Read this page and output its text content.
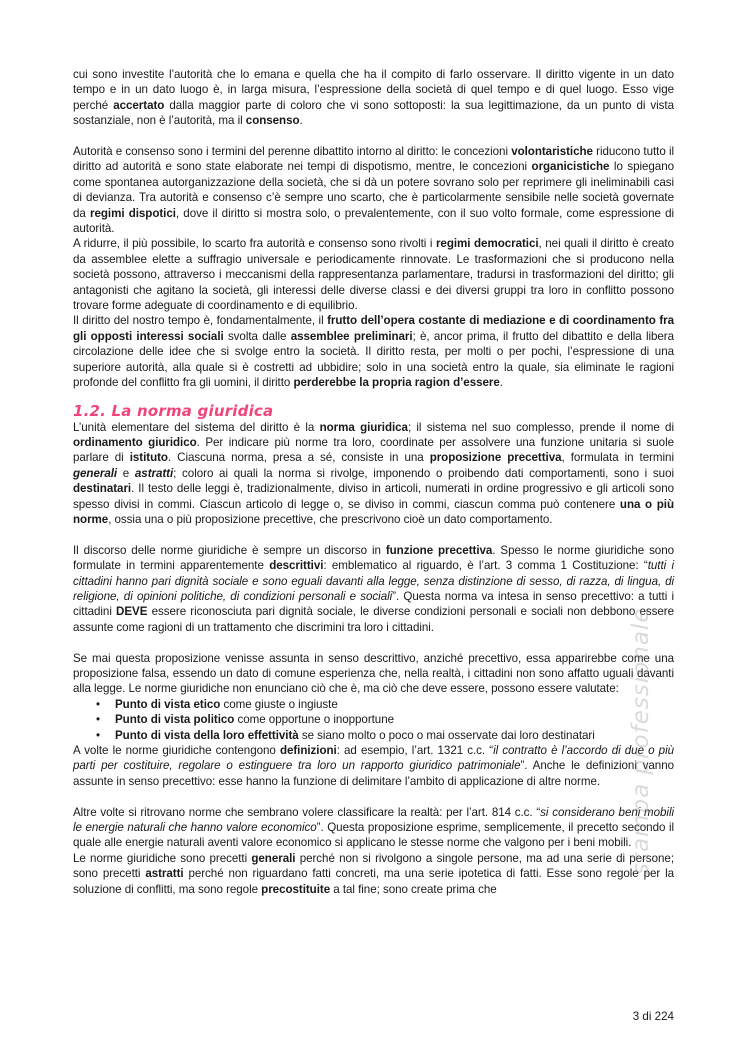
cui sono investite l’autorità che lo emana e quella che ha il compito di farlo osservare. Il diritto vigente in un dato tempo e in un dato luogo è, in larga misura, l’espressione della società di quel tempo e di quel luogo. Esso vige perché accertato dalla maggior parte di coloro che vi sono sottoposti: la sua legittimazione, da un punto di vista sostanziale, non è l’autorità, ma il consenso.

Autorità e consenso sono i termini del perenne dibattito intorno al diritto: le concezioni volontaristiche riducono tutto il diritto ad autorità e sono state elaborate nei tempi di dispotismo, mentre, le concezioni organicistiche lo spiegano come spontanea autorganizzazione della società, che si dà un potere sovrano solo per reprimere gli ineliminabili casi di devianza. Tra autorità e consenso c’è sempre uno scarto, che è particolarmente sensibile nelle società governate da regimi dispotici, dove il diritto si mostra solo, o prevalentemente, con il suo volto formale, come espressione di autorità.

A ridurre, il più possibile, lo scarto fra autorità e consenso sono rivolti i regimi democratici, nei quali il diritto è creato da assemblee elette a suffragio universale e periodicamente rinnovate. Le trasformazioni che si producono nella società possono, attraverso i meccanismi della rappresentanza parlamentare, tradursi in trasformazioni del diritto; gli antagonisti che agitano la società, gli interessi delle diverse classi e dei diversi gruppi tra loro in conflitto possono trovare forme adeguate di coordinamento e di equilibrio.

Il diritto del nostro tempo è, fondamentalmente, il frutto dell’opera costante di mediazione e di coordinamento fra gli opposti interessi sociali svolta dalle assemblee preliminari; è, ancor prima, il frutto del dibattito e della libera circolazione delle idee che si svolge entro la società. Il diritto resta, per molti o per pochi, l’espressione di una superiore autorità, alla quale si è costretti ad ubbidire; solo in una società entro la quale, sia eliminate le ragioni profonde del conflitto fra gli uomini, il diritto perderebbe la propria ragion d’essere.

1.2. La norma giuridica

L’unità elementare del sistema del diritto è la norma giuridica; il sistema nel suo complesso, prende il nome di ordinamento giuridico. Per indicare più norme tra loro, coordinate per assolvere una funzione unitaria si suole parlare di istituto. Ciascuna norma, presa a sé, consiste in una proposizione precettiva, formulata in termini generali e astratti; coloro ai quali la norma si rivolge, imponendo o proibendo dati comportamenti, sono i suoi destinatari. Il testo delle leggi è, tradizionalmente, diviso in articoli, numerati in ordine progressivo e gli articoli sono spesso divisi in commi. Ciascun articolo di legge o, se diviso in commi, ciascun comma può contenere una o più norme, ossia una o più proposizione precettive, che prescrivono cioè un dato comportamento.

Il discorso delle norme giuridiche è sempre un discorso in funzione precettiva. Spesso le norme giuridiche sono formulate in termini apparentemente descrittivi: emblematico al riguardo, è l’art. 3 comma 1 Costituzione: “tutti i cittadini hanno pari dignità sociale e sono eguali davanti alla legge, senza distinzione di sesso, di razza, di lingua, di religione, di opinioni politiche, di condizioni personali e sociali”. Questa norma va intesa in senso precettivo: a tutti i cittadini DEVE essere riconosciuta pari dignità sociale, le diverse condizioni personali e sociali non debbono essere assunte come ragioni di un trattamento che discrimini tra loro i cittadini.

Se mai questa proposizione venisse assunta in senso descrittivo, anziché precettivo, essa apparirebbe come una proposizione falsa, essendo un dato di comune esperienza che, nella realtà, i cittadini non sono affatto uguali davanti alla legge. Le norme giuridiche non enunciano ciò che è, ma ciò che deve essere, possono essere valutate:

• Punto di vista etico come giuste o ingiuste
• Punto di vista politico come opportune o inopportune
• Punto di vista della loro effettività se siano molto o poco o mai osservate dai loro destinatari

A volte le norme giuridiche contengono definizioni: ad esempio, l’art. 1321 c.c. “il contratto è l’accordo di due o più parti per costituire, regolare o estinguere tra loro un rapporto giuridico patrimoniale”. Anche le definizioni vanno assunte in senso precettivo: esse hanno la funzione di delimitare l’ambito di applicazione di altre norme.

Altre volte si ritrovano norme che sembrano volere classificare la realtà: per l’art. 814 c.c. “si considerano beni mobili le energie naturali che hanno valore economico”. Questa proposizione esprime, semplicemente, il precetto secondo il quale alle energie naturali aventi valore economico si applicano le stesse norme che valgono per i beni mobili.

Le norme giuridiche sono precetti generali perché non si rivolgono a singole persone, ma ad una serie di persone; sono precetti astratti perché non riguardano fatti concreti, ma una serie ipotetica di fatti. Esse sono regole per la soluzione di conflitti, ma sono regole precostituite a tal fine; sono create prima che

stampa professionale
3 di 224
